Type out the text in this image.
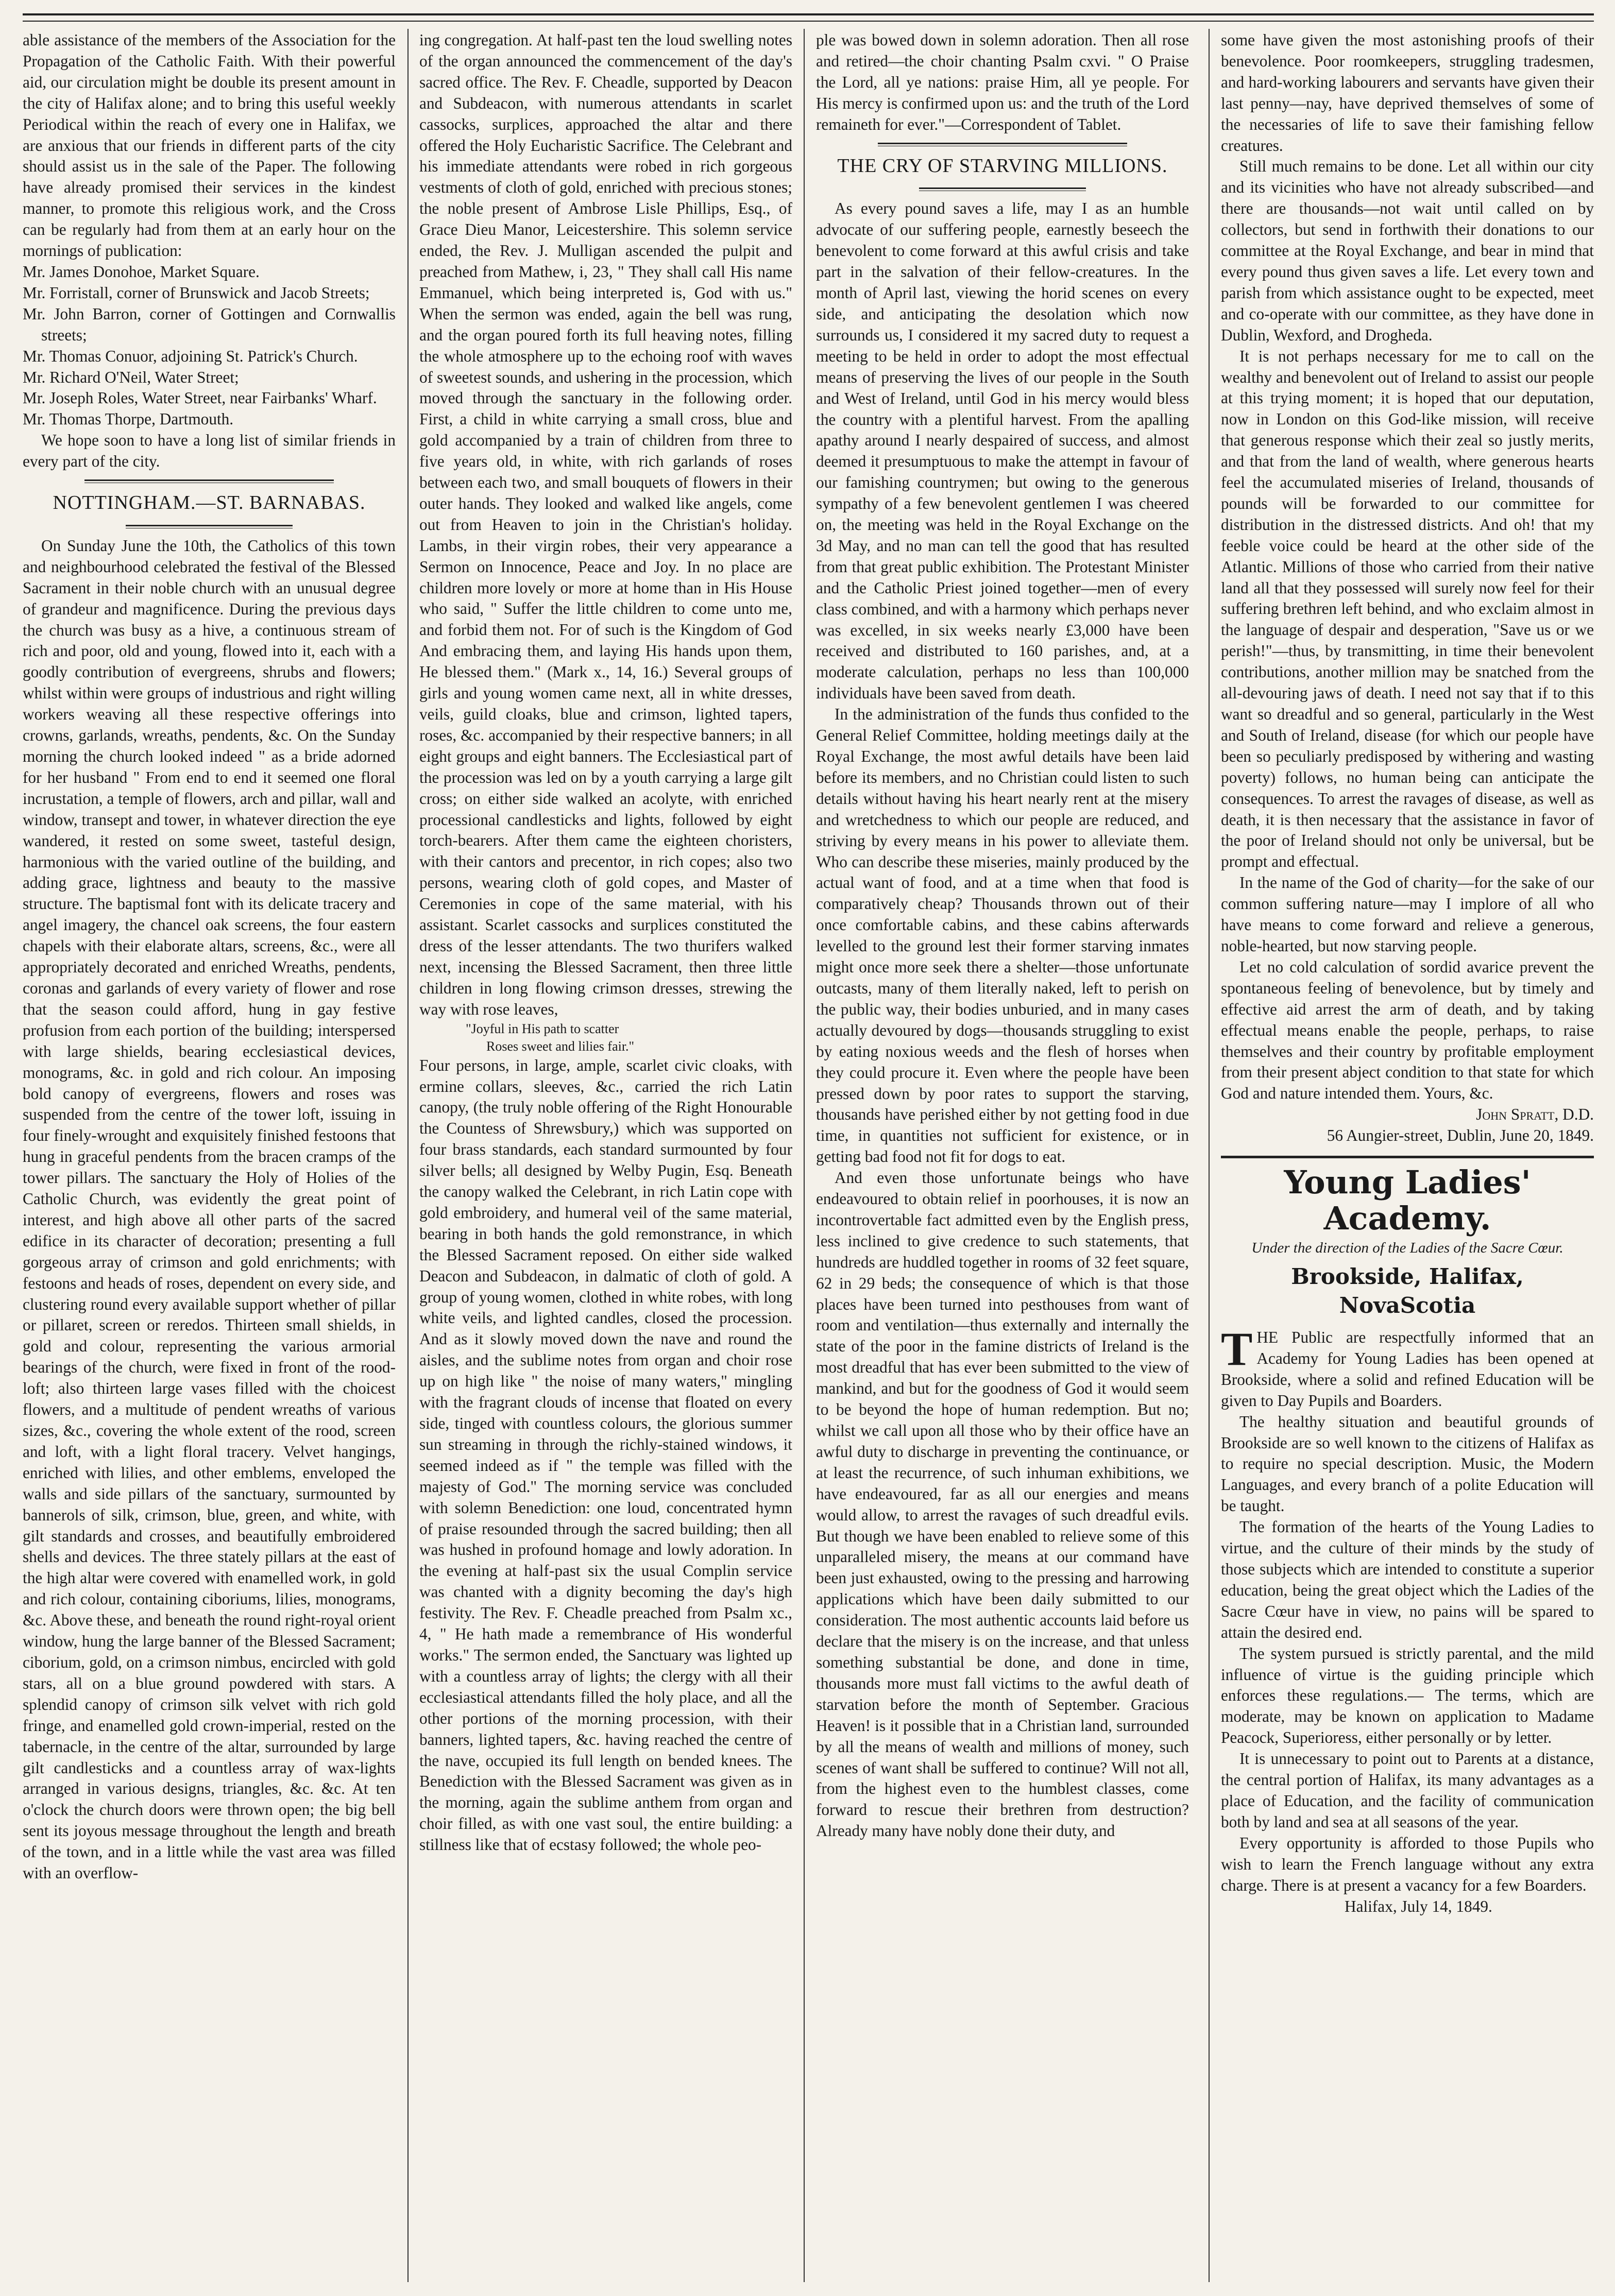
able assistance of the members of the Association for the Propagation of the Catholic Faith. With their powerful aid, our circulation might be double its present amount in the city of Halifax alone; and to bring this useful weekly Periodical within the reach of every one in Halifax, we are anxious that our friends in different parts of the city should assist us in the sale of the Paper. The following have already promised their services in the kindest manner, to promote this religious work, and the Cross can be regularly had from them at an early hour on the mornings of publication:

Mr. James Donohoe, Market Square.

Mr. Forristall, corner of Brunswick and Jacob Streets;

Mr. John Barron, corner of Gottingen and Cornwallis streets;

Mr. Thomas Conuor, adjoining St. Patrick's Church.

Mr. Richard O'Neil, Water Street;

Mr. Joseph Roles, Water Street, near Fairbanks' Wharf.

Mr. Thomas Thorpe, Dartmouth.

We hope soon to have a long list of similar friends in every part of the city.

NOTTINGHAM.—ST. BARNABAS.

On Sunday June the 10th, the Catholics of this town and neighbourhood celebrated the festival of the Blessed Sacrament in their noble church with an unusual degree of grandeur and magnificence. During the previous days the church was busy as a hive, a continuous stream of rich and poor, old and young, flowed into it, each with a goodly contribution of evergreens, shrubs and flowers; whilst within were groups of industrious and right willing workers weaving all these respective offerings into crowns, garlands, wreaths, pendents, &c. On the Sunday morning the church looked indeed " as a bride adorned for her husband " From end to end it seemed one floral incrustation, a temple of flowers, arch and pillar, wall and window, transept and tower, in whatever direction the eye wandered, it rested on some sweet, tasteful design, harmonious with the varied outline of the building, and adding grace, lightness and beauty to the massive structure. The baptismal font with its delicate tracery and angel imagery, the chancel oak screens, the four eastern chapels with their elaborate altars, screens, &c., were all appropriately decorated and enriched Wreaths, pendents, coronas and garlands of every variety of flower and rose that the season could afford, hung in gay festive profusion from each portion of the building; interspersed with large shields, bearing ecclesiastical devices, monograms, &c. in gold and rich colour. An imposing bold canopy of evergreens, flowers and roses was suspended from the centre of the tower loft, issuing in four finely-wrought and exquisitely finished festoons that hung in graceful pendents from the bracen cramps of the tower pillars. The sanctuary the Holy of Holies of the Catholic Church, was evidently the great point of interest, and high above all other parts of the sacred edifice in its character of decoration; presenting a full gorgeous array of crimson and gold enrichments; with festoons and heads of roses, dependent on every side, and clustering round every available support whether of pillar or pillaret, screen or reredos. Thirteen small shields, in gold and colour, representing the various armorial bearings of the church, were fixed in front of the rood-loft; also thirteen large vases filled with the choicest flowers, and a multitude of pendent wreaths of various sizes, &c., covering the whole extent of the rood, screen and loft, with a light floral tracery. Velvet hangings, enriched with lilies, and other emblems, enveloped the walls and side pillars of the sanctuary, surmounted by bannerols of silk, crimson, blue, green, and white, with gilt standards and crosses, and beautifully embroidered shells and devices. The three stately pillars at the east of the high altar were covered with enamelled work, in gold and rich colour, containing ciboriums, lilies, monograms, &c. Above these, and beneath the round right-royal orient window, hung the large banner of the Blessed Sacrament; ciborium, gold, on a crimson nimbus, encircled with gold stars, all on a blue ground powdered with stars. A splendid canopy of crimson silk velvet with rich gold fringe, and enamelled gold crown-imperial, rested on the tabernacle, in the centre of the altar, surrounded by large gilt candlesticks and a countless array of wax-lights arranged in various designs, triangles, &c. &c. At ten o'clock the church doors were thrown open; the big bell sent its joyous message throughout the length and breath of the town, and in a little while the vast area was filled with an overflow-

ing congregation. At half-past ten the loud swelling notes of the organ announced the commencement of the day's sacred office. The Rev. F. Cheadle, supported by Deacon and Subdeacon, with numerous attendants in scarlet cassocks, surplices, approached the altar and there offered the Holy Eucharistic Sacrifice. The Celebrant and his immediate attendants were robed in rich gorgeous vestments of cloth of gold, enriched with precious stones; the noble present of Ambrose Lisle Phillips, Esq., of Grace Dieu Manor, Leicestershire. This solemn service ended, the Rev. J. Mulligan ascended the pulpit and preached from Mathew, i, 23, " They shall call His name Emmanuel, which being interpreted is, God with us." When the sermon was ended, again the bell was rung, and the organ poured forth its full heaving notes, filling the whole atmosphere up to the echoing roof with waves of sweetest sounds, and ushering in the procession, which moved through the sanctuary in the following order. First, a child in white carrying a small cross, blue and gold accompanied by a train of children from three to five years old, in white, with rich garlands of roses between each two, and small bouquets of flowers in their outer hands. They looked and walked like angels, come out from Heaven to join in the Christian's holiday. Lambs, in their virgin robes, their very appearance a Sermon on Innocence, Peace and Joy. In no place are children more lovely or more at home than in His House who said, " Suffer the little children to come unto me, and forbid them not. For of such is the Kingdom of God And embracing them, and laying His hands upon them, He blessed them." (Mark x., 14, 16.) Several groups of girls and young women came next, all in white dresses, veils, guild cloaks, blue and crimson, lighted tapers, roses, &c. accompanied by their respective banners; in all eight groups and eight banners. The Ecclesiastical part of the procession was led on by a youth carrying a large gilt cross; on either side walked an acolyte, with enriched processional candlesticks and lights, followed by eight torch-bearers. After them came the eighteen choristers, with their cantors and precentor, in rich copes; also two persons, wearing cloth of gold copes, and Master of Ceremonies in cope of the same material, with his assistant. Scarlet cassocks and surplices constituted the dress of the lesser attendants. The two thurifers walked next, incensing the Blessed Sacrament, then three little children in long flowing crimson dresses, strewing the way with rose leaves,

"Joyful in His path to scatter

Roses sweet and lilies fair."

Four persons, in large, ample, scarlet civic cloaks, with ermine collars, sleeves, &c., carried the rich Latin canopy, (the truly noble offering of the Right Honourable the Countess of Shrewsbury,) which was supported on four brass standards, each standard surmounted by four silver bells; all designed by Welby Pugin, Esq. Beneath the canopy walked the Celebrant, in rich Latin cope with gold embroidery, and humeral veil of the same material, bearing in both hands the gold remonstrance, in which the Blessed Sacrament reposed. On either side walked Deacon and Subdeacon, in dalmatic of cloth of gold. A group of young women, clothed in white robes, with long white veils, and lighted candles, closed the procession. And as it slowly moved down the nave and round the aisles, and the sublime notes from organ and choir rose up on high like " the noise of many waters," mingling with the fragrant clouds of incense that floated on every side, tinged with countless colours, the glorious summer sun streaming in through the richly-stained windows, it seemed indeed as if " the temple was filled with the majesty of God." The morning service was concluded with solemn Benediction: one loud, concentrated hymn of praise resounded through the sacred building; then all was hushed in profound homage and lowly adoration. In the evening at half-past six the usual Complin service was chanted with a dignity becoming the day's high festivity. The Rev. F. Cheadle preached from Psalm xc., 4, " He hath made a remembrance of His wonderful works." The sermon ended, the Sanctuary was lighted up with a countless array of lights; the clergy with all their ecclesiastical attendants filled the holy place, and all the other portions of the morning procession, with their banners, lighted tapers, &c. having reached the centre of the nave, occupied its full length on bended knees. The Benediction with the Blessed Sacrament was given as in the morning, again the sublime anthem from organ and choir filled, as with one vast soul, the entire building: a stillness like that of ecstasy followed; the whole peo-

ple was bowed down in solemn adoration. Then all rose and retired—the choir chanting Psalm cxvi. " O Praise the Lord, all ye nations: praise Him, all ye people. For His mercy is confirmed upon us: and the truth of the Lord remaineth for ever."—Correspondent of Tablet.

THE CRY OF STARVING MILLIONS.

As every pound saves a life, may I as an humble advocate of our suffering people, earnestly beseech the benevolent to come forward at this awful crisis and take part in the salvation of their fellow-creatures. In the month of April last, viewing the horid scenes on every side, and anticipating the desolation which now surrounds us, I considered it my sacred duty to request a meeting to be held in order to adopt the most effectual means of preserving the lives of our people in the South and West of Ireland, until God in his mercy would bless the country with a plentiful harvest. From the apalling apathy around I nearly despaired of success, and almost deemed it presumptuous to make the attempt in favour of our famishing countrymen; but owing to the generous sympathy of a few benevolent gentlemen I was cheered on, the meeting was held in the Royal Exchange on the 3d May, and no man can tell the good that has resulted from that great public exhibition. The Protestant Minister and the Catholic Priest joined together—men of every class combined, and with a harmony which perhaps never was excelled, in six weeks nearly £3,000 have been received and distributed to 160 parishes, and, at a moderate calculation, perhaps no less than 100,000 individuals have been saved from death.

In the administration of the funds thus confided to the General Relief Committee, holding meetings daily at the Royal Exchange, the most awful details have been laid before its members, and no Christian could listen to such details without having his heart nearly rent at the misery and wretchedness to which our people are reduced, and striving by every means in his power to alleviate them. Who can describe these miseries, mainly produced by the actual want of food, and at a time when that food is comparatively cheap? Thousands thrown out of their once comfortable cabins, and these cabins afterwards levelled to the ground lest their former starving inmates might once more seek there a shelter—those unfortunate outcasts, many of them literally naked, left to perish on the public way, their bodies unburied, and in many cases actually devoured by dogs—thousands struggling to exist by eating noxious weeds and the flesh of horses when they could procure it. Even where the people have been pressed down by poor rates to support the starving, thousands have perished either by not getting food in due time, in quantities not sufficient for existence, or in getting bad food not fit for dogs to eat.

And even those unfortunate beings who have endeavoured to obtain relief in poorhouses, it is now an incontrovertable fact admitted even by the English press, less inclined to give credence to such statements, that hundreds are huddled together in rooms of 32 feet square, 62 in 29 beds; the consequence of which is that those places have been turned into pesthouses from want of room and ventilation—thus externally and internally the state of the poor in the famine districts of Ireland is the most dreadful that has ever been submitted to the view of mankind, and but for the goodness of God it would seem to be beyond the hope of human redemption. But no; whilst we call upon all those who by their office have an awful duty to discharge in preventing the continuance, or at least the recurrence, of such inhuman exhibitions, we have endeavoured, far as all our energies and means would allow, to arrest the ravages of such dreadful evils. But though we have been enabled to relieve some of this unparalleled misery, the means at our command have been just exhausted, owing to the pressing and harrowing applications which have been daily submitted to our consideration. The most authentic accounts laid before us declare that the misery is on the increase, and that unless something substantial be done, and done in time, thousands more must fall victims to the awful death of starvation before the month of September. Gracious Heaven! is it possible that in a Christian land, surrounded by all the means of wealth and millions of money, such scenes of want shall be suffered to continue? Will not all, from the highest even to the humblest classes, come forward to rescue their brethren from destruction? Already many have nobly done their duty, and

some have given the most astonishing proofs of their benevolence. Poor roomkeepers, struggling tradesmen, and hard-working labourers and servants have given their last penny—nay, have deprived themselves of some of the necessaries of life to save their famishing fellow creatures.

Still much remains to be done. Let all within our city and its vicinities who have not already subscribed—and there are thousands—not wait until called on by collectors, but send in forthwith their donations to our committee at the Royal Exchange, and bear in mind that every pound thus given saves a life. Let every town and parish from which assistance ought to be expected, meet and co-operate with our committee, as they have done in Dublin, Wexford, and Drogheda.

It is not perhaps necessary for me to call on the wealthy and benevolent out of Ireland to assist our people at this trying moment; it is hoped that our deputation, now in London on this God-like mission, will receive that generous response which their zeal so justly merits, and that from the land of wealth, where generous hearts feel the accumulated miseries of Ireland, thousands of pounds will be forwarded to our committee for distribution in the distressed districts. And oh! that my feeble voice could be heard at the other side of the Atlantic. Millions of those who carried from their native land all that they possessed will surely now feel for their suffering brethren left behind, and who exclaim almost in the language of despair and desperation, "Save us or we perish!"—thus, by transmitting, in time their benevolent contributions, another million may be snatched from the all-devouring jaws of death. I need not say that if to this want so dreadful and so general, particularly in the West and South of Ireland, disease (for which our people have been so peculiarly predisposed by withering and wasting poverty) follows, no human being can anticipate the consequences. To arrest the ravages of disease, as well as death, it is then necessary that the assistance in favor of the poor of Ireland should not only be universal, but be prompt and effectual.

In the name of the God of charity—for the sake of our common suffering nature—may I implore of all who have means to come forward and relieve a generous, noble-hearted, but now starving people.

Let no cold calculation of sordid avarice prevent the spontaneous feeling of benevolence, but by timely and effective aid arrest the arm of death, and by taking effectual means enable the people, perhaps, to raise themselves and their country by profitable employment from their present abject condition to that state for which God and nature intended them. Yours, &c.

John Spratt, D.D.

56 Aungier-street, Dublin, June 20, 1849.

Young Ladies' Academy.

Under the direction of the Ladies of the Sacre Cœur.

Brookside, Halifax, NovaScotia

THE Public are respectfully informed that an Academy for Young Ladies has been opened at Brookside, where a solid and refined Education will be given to Day Pupils and Boarders.

The healthy situation and beautiful grounds of Brookside are so well known to the citizens of Halifax as to require no special description. Music, the Modern Languages, and every branch of a polite Education will be taught.

The formation of the hearts of the Young Ladies to virtue, and the culture of their minds by the study of those subjects which are intended to constitute a superior education, being the great object which the Ladies of the Sacre Cœur have in view, no pains will be spared to attain the desired end.

The system pursued is strictly parental, and the mild influence of virtue is the guiding principle which enforces these regulations.— The terms, which are moderate, may be known on application to Madame Peacock, Superioress, either personally or by letter.

It is unnecessary to point out to Parents at a distance, the central portion of Halifax, its many advantages as a place of Education, and the facility of communication both by land and sea at all seasons of the year.

Every opportunity is afforded to those Pupils who wish to learn the French language without any extra charge. There is at present a vacancy for a few Boarders.

Halifax, July 14, 1849.
